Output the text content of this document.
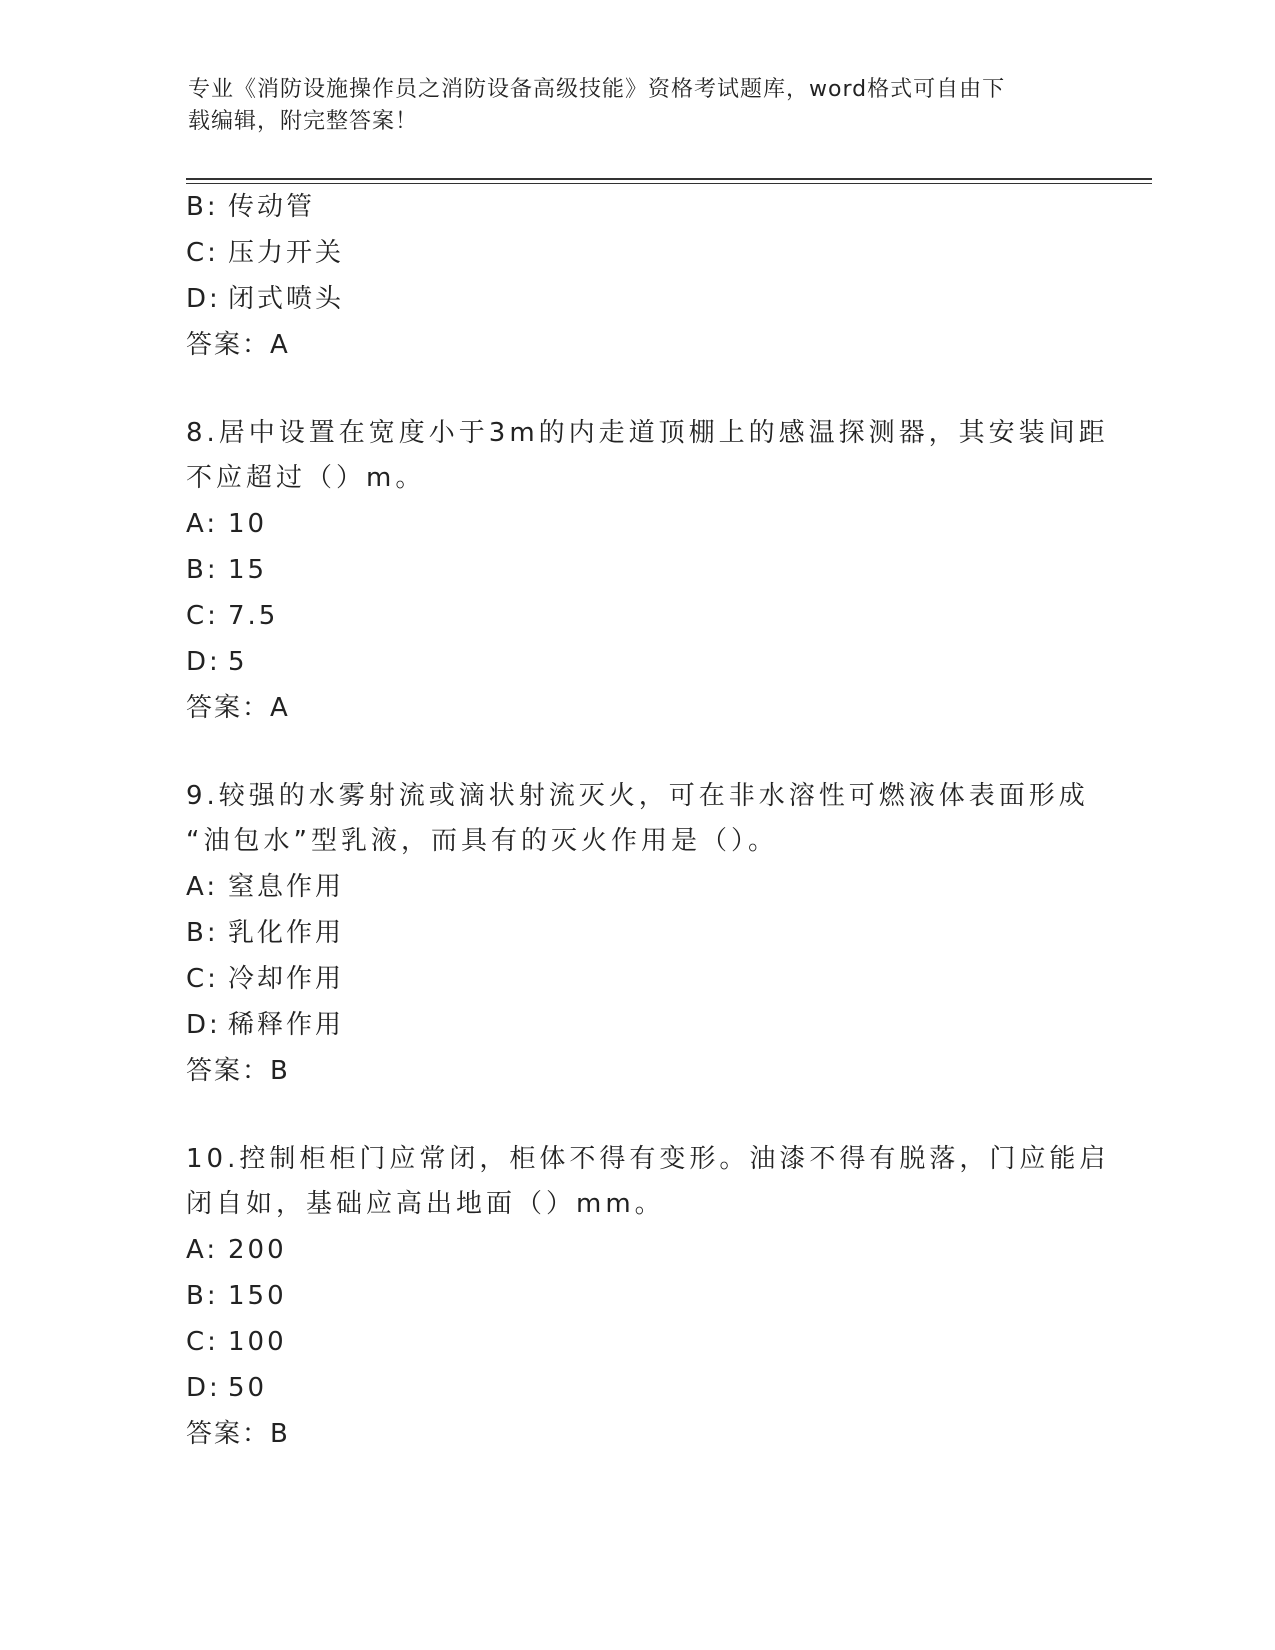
专业《消防设施操作员之消防设备高级技能》资格考试题库，word格式可自由下
载编辑，附完整答案！
B: 传动管
C: 压力开关
D: 闭式喷头
答案：A
8.居中设置在宽度小于3m的内走道顶棚上的感温探测器，其安装间距
不应超过（）m。
A: 10
B: 15
C: 7.5
D: 5
答案：A
9.较强的水雾射流或滴状射流灭火，可在非水溶性可燃液体表面形成
“油包水”型乳液，而具有的灭火作用是（）。
A: 窒息作用
B: 乳化作用
C: 冷却作用
D: 稀释作用
答案：B
10.控制柜柜门应常闭，柜体不得有变形。油漆不得有脱落，门应能启
闭自如，基础应高出地面（）mm。
A: 200
B: 150
C: 100
D: 50
答案：B
